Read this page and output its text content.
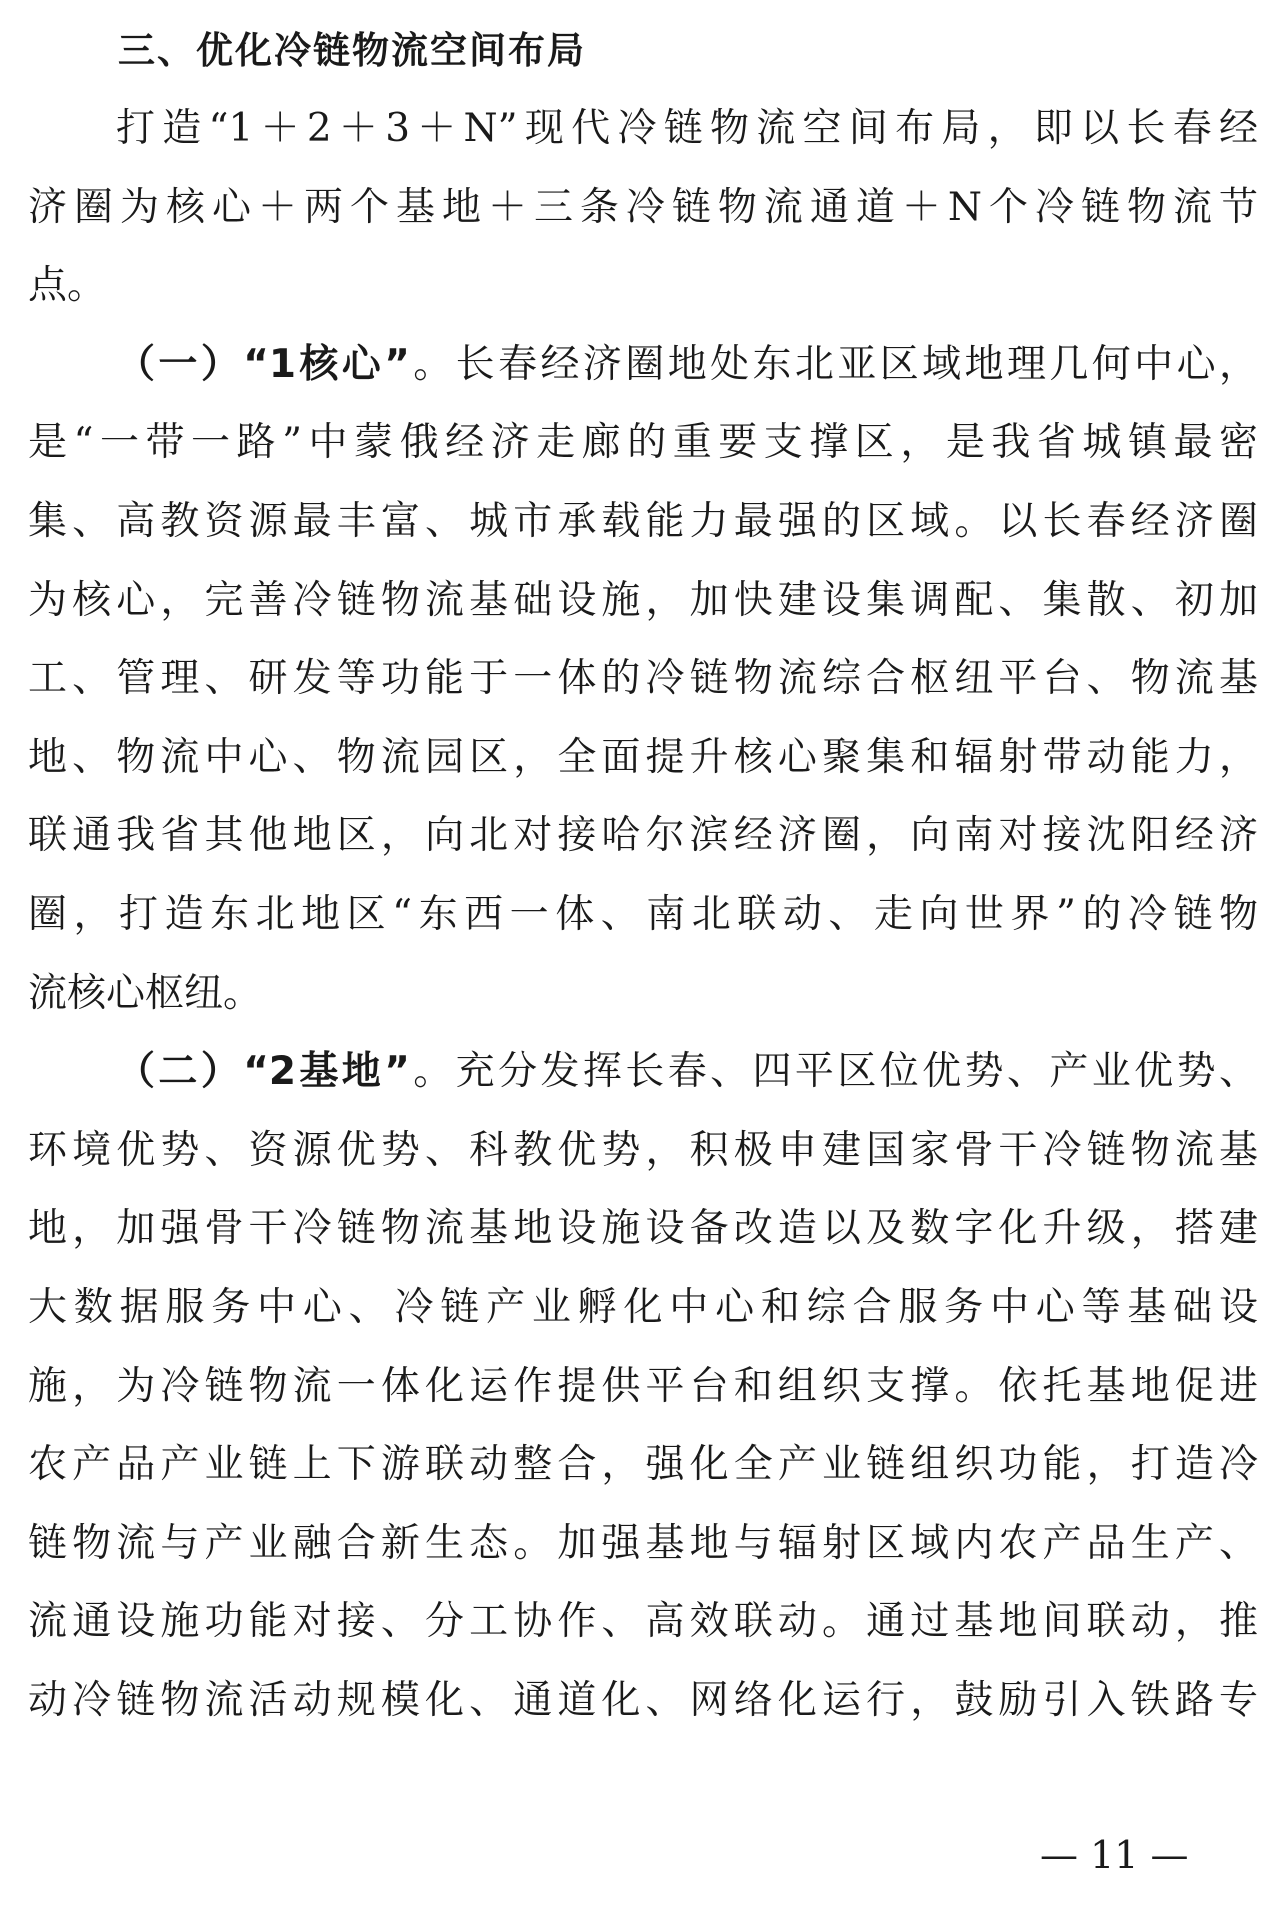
三、优化冷链物流空间布局
打造“1＋2＋3＋N”现代冷链物流空间布局，即以长春经
济圈为核心＋两个基地＋三条冷链物流通道＋N个冷链物流节
点。
（一）“1核心”。长春经济圈地处东北亚区域地理几何中心，
是“一带一路”中蒙俄经济走廊的重要支撑区，是我省城镇最密
集、高教资源最丰富、城市承载能力最强的区域。以长春经济圈
为核心，完善冷链物流基础设施，加快建设集调配、集散、初加
工、管理、研发等功能于一体的冷链物流综合枢纽平台、物流基
地、物流中心、物流园区，全面提升核心聚集和辐射带动能力，
联通我省其他地区，向北对接哈尔滨经济圈，向南对接沈阳经济
圈，打造东北地区“东西一体、南北联动、走向世界”的冷链物
流核心枢纽。
（二）“2基地”。充分发挥长春、四平区位优势、产业优势、
环境优势、资源优势、科教优势，积极申建国家骨干冷链物流基
地，加强骨干冷链物流基地设施设备改造以及数字化升级，搭建
大数据服务中心、冷链产业孵化中心和综合服务中心等基础设
施，为冷链物流一体化运作提供平台和组织支撑。依托基地促进
农产品产业链上下游联动整合，强化全产业链组织功能，打造冷
链物流与产业融合新生态。加强基地与辐射区域内农产品生产、
流通设施功能对接、分工协作、高效联动。通过基地间联动，推
动冷链物流活动规模化、通道化、网络化运行，鼓励引入铁路专
— 11 —
